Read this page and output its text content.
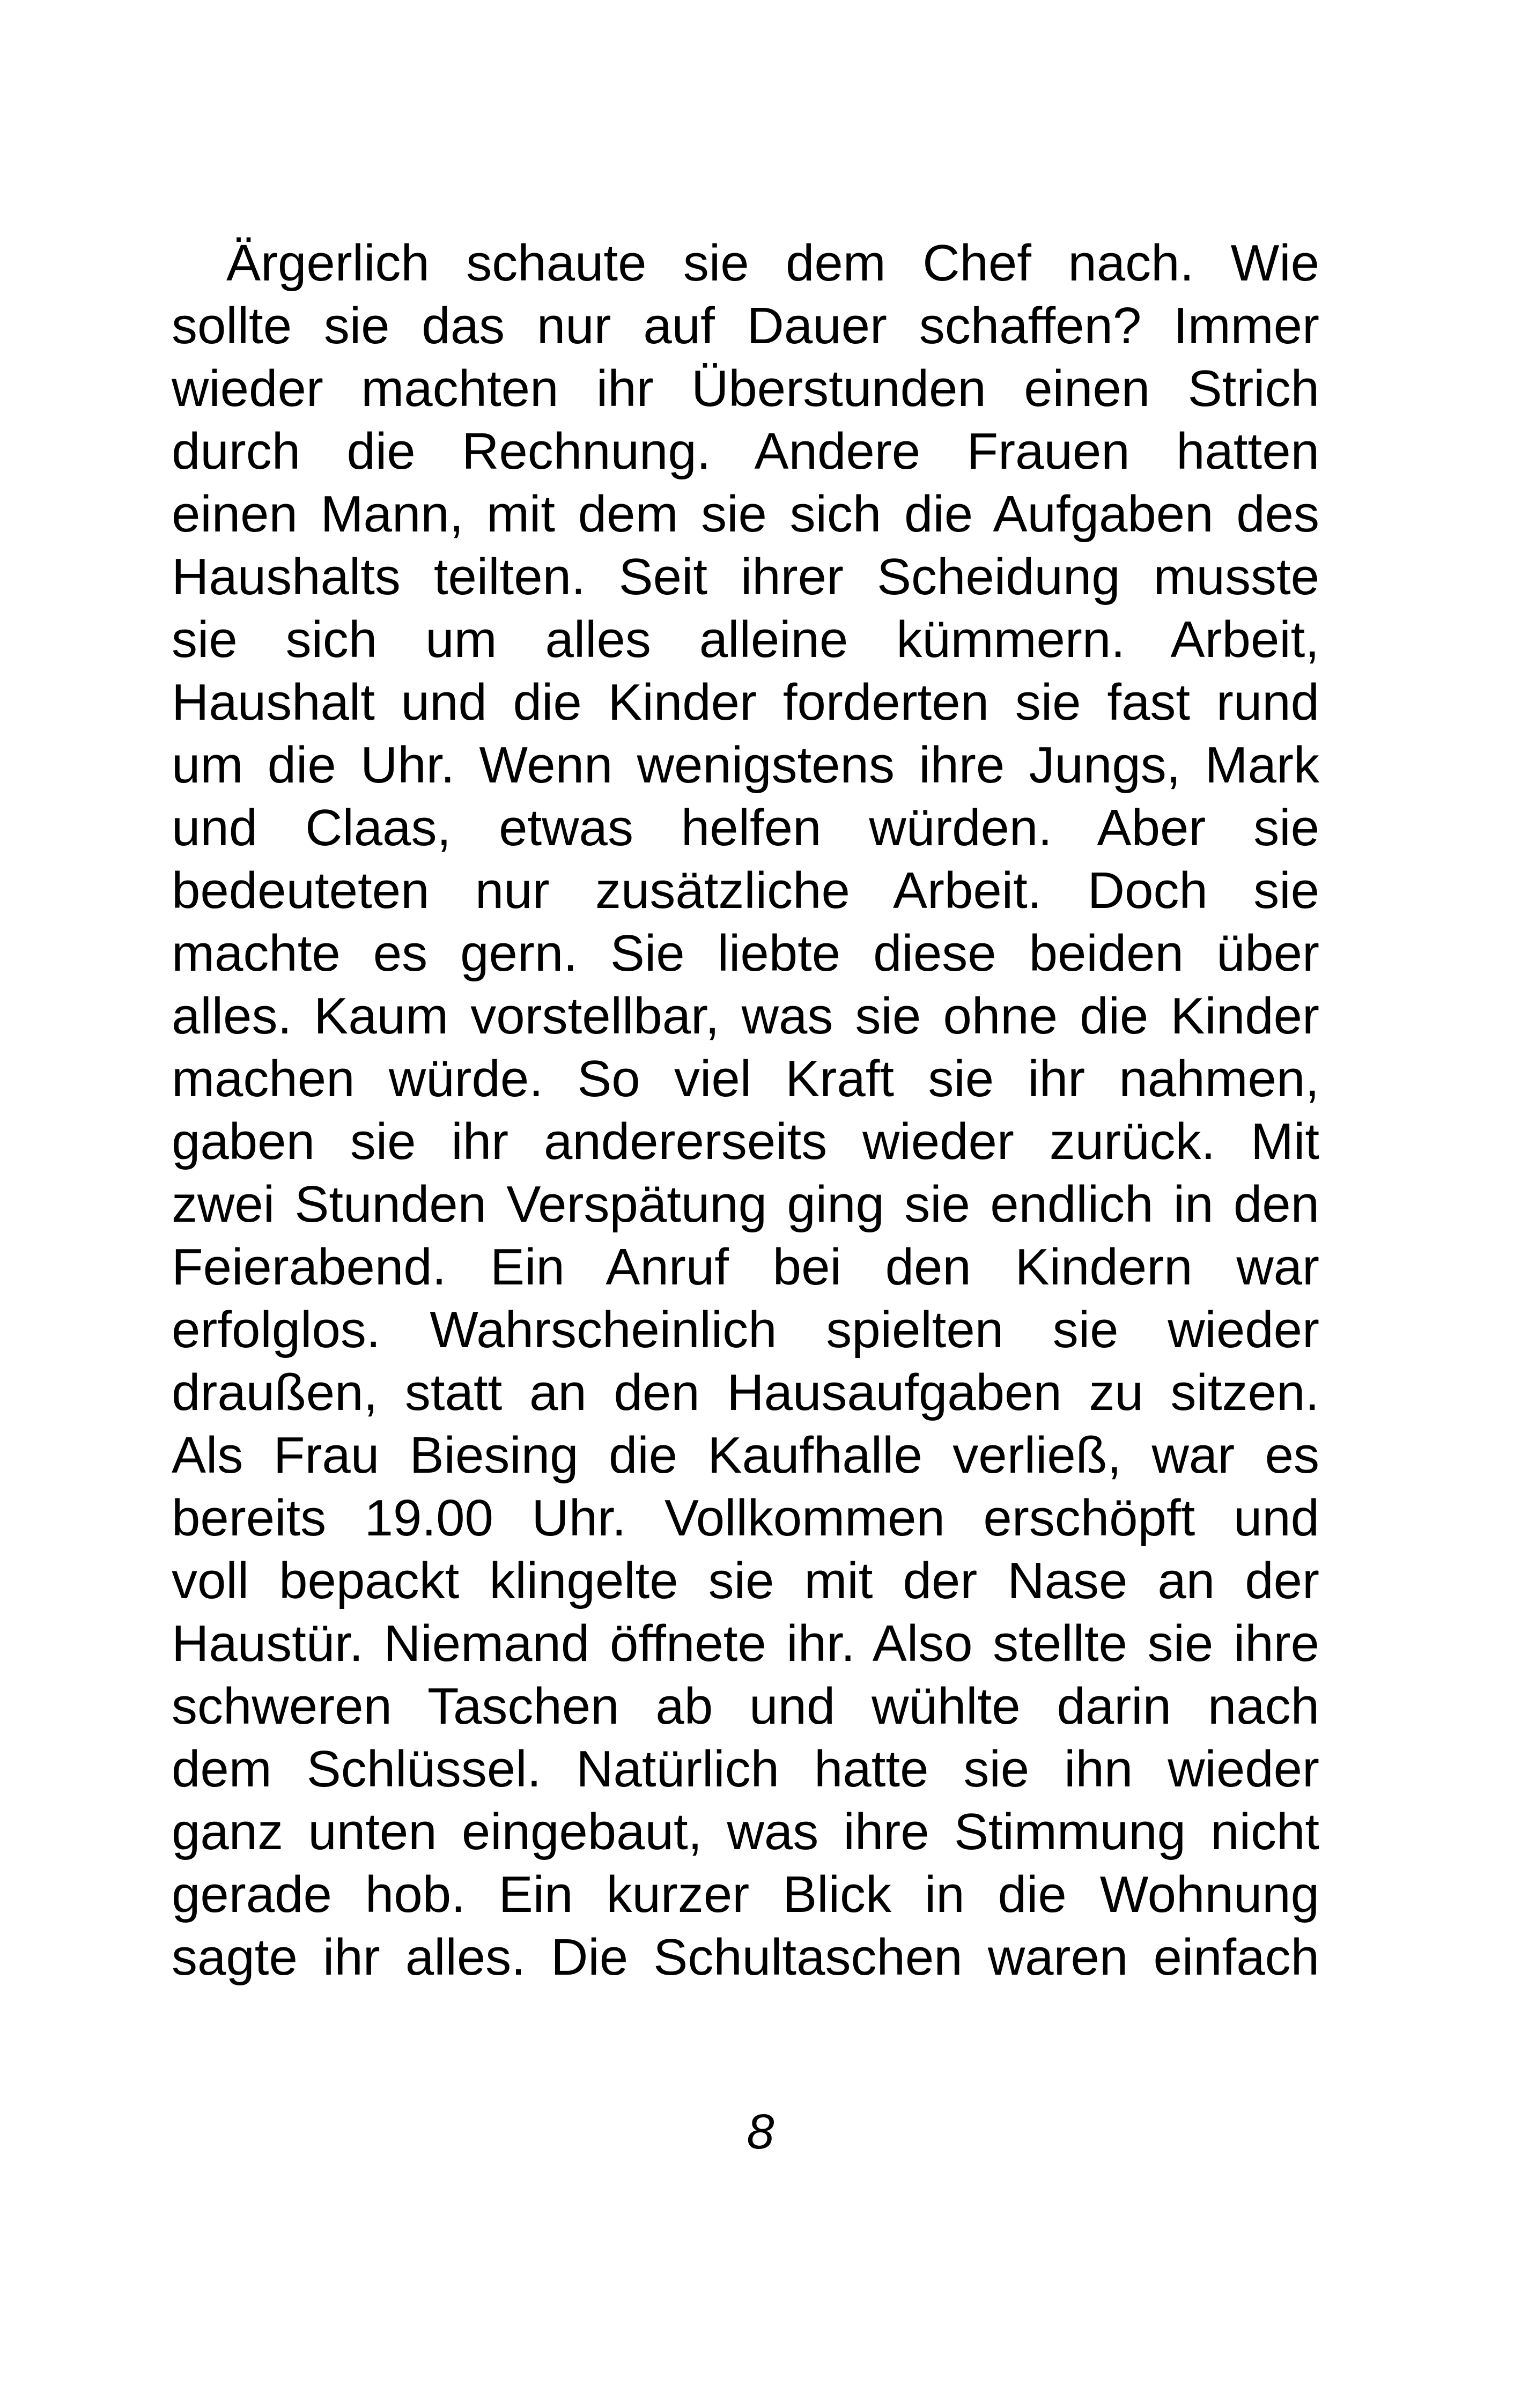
Ärgerlich schaute sie dem Chef nach. Wie
sollte sie das nur auf Dauer schaffen? Immer
wieder machten ihr Überstunden einen Strich
durch die Rechnung. Andere Frauen hatten
einen Mann, mit dem sie sich die Aufgaben des
Haushalts teilten. Seit ihrer Scheidung musste
sie sich um alles alleine kümmern. Arbeit,
Haushalt und die Kinder forderten sie fast rund
um die Uhr. Wenn wenigstens ihre Jungs, Mark
und Claas, etwas helfen würden. Aber sie
bedeuteten nur zusätzliche Arbeit. Doch sie
machte es gern. Sie liebte diese beiden über
alles. Kaum vorstellbar, was sie ohne die Kinder
machen würde. So viel Kraft sie ihr nahmen,
gaben sie ihr andererseits wieder zurück. Mit
zwei Stunden Verspätung ging sie endlich in den
Feierabend. Ein Anruf bei den Kindern war
erfolglos. Wahrscheinlich spielten sie wieder
draußen, statt an den Hausaufgaben zu sitzen.
Als Frau Biesing die Kaufhalle verließ, war es
bereits 19.00 Uhr. Vollkommen erschöpft und
voll bepackt klingelte sie mit der Nase an der
Haustür. Niemand öffnete ihr. Also stellte sie ihre
schweren Taschen ab und wühlte darin nach
dem Schlüssel. Natürlich hatte sie ihn wieder
ganz unten eingebaut, was ihre Stimmung nicht
gerade hob. Ein kurzer Blick in die Wohnung
sagte ihr alles. Die Schultaschen waren einfach
8
